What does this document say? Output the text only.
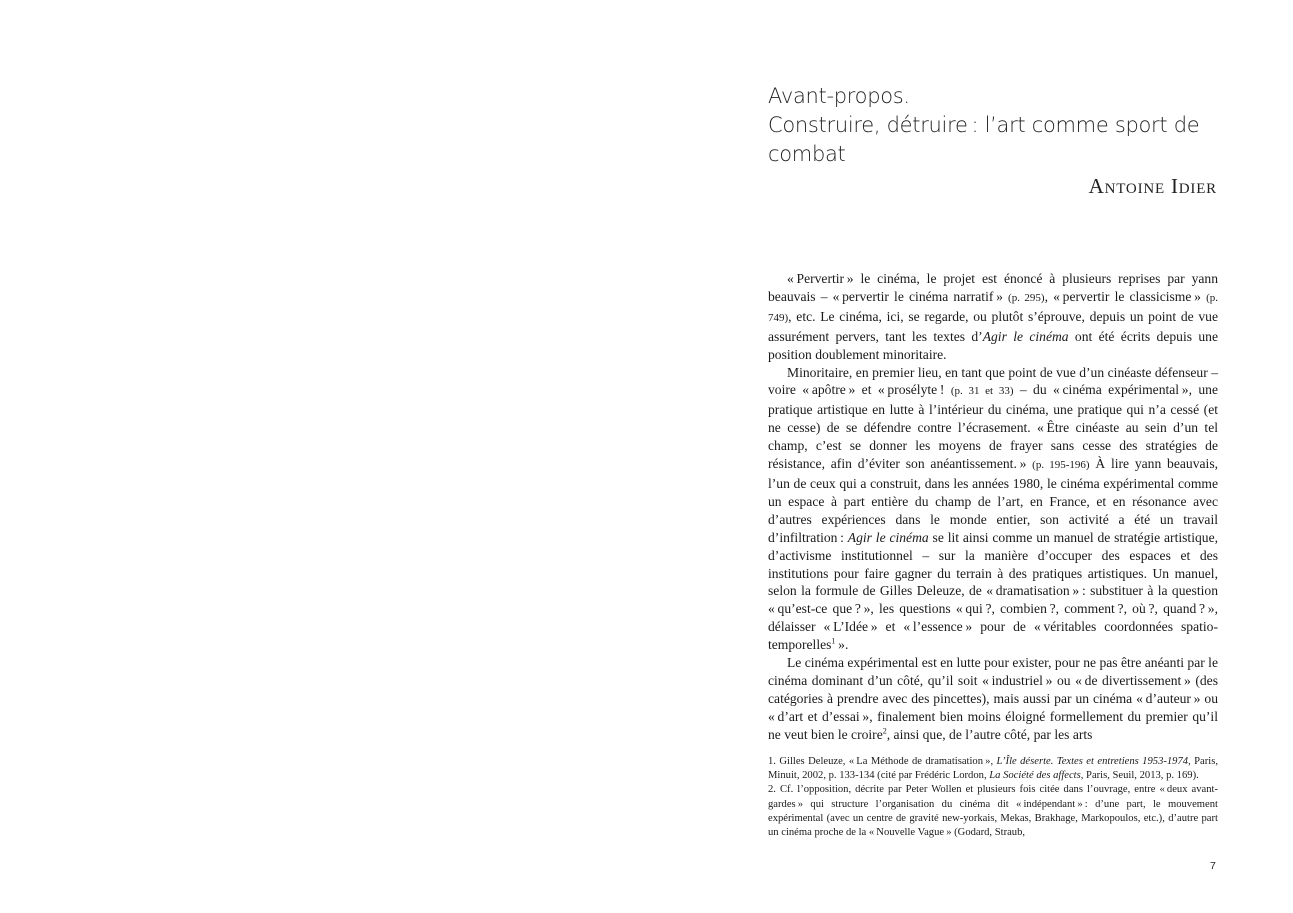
Avant-propos.
Construire, détruire : l’art comme sport de
combat
Antoine Idier

« Pervertir » le cinéma, le projet est énoncé à plusieurs reprises par yann beauvais – « pervertir le cinéma narratif » (p. 295), « pervertir le classicisme » (p. 749), etc. Le cinéma, ici, se regarde, ou plutôt s’éprouve, depuis un point de vue assurément pervers, tant les textes d’Agir le cinéma ont été écrits depuis une position doublement minoritaire.

Minoritaire, en premier lieu, en tant que point de vue d’un cinéaste défenseur – voire « apôtre » et « prosélyte ! (p. 31 et 33) – du « cinéma expérimental », une pratique artistique en lutte à l’intérieur du cinéma, une pratique qui n’a cessé (et ne cesse) de se défendre contre l’écrasement. « Être cinéaste au sein d’un tel champ, c’est se donner les moyens de frayer sans cesse des stratégies de résistance, afin d’éviter son anéantissement. » (p. 195-196) À lire yann beauvais, l’un de ceux qui a construit, dans les années 1980, le cinéma expérimental comme un espace à part entière du champ de l’art, en France, et en résonance avec d’autres expériences dans le monde entier, son activité a été un travail d’infiltration : Agir le cinéma se lit ainsi comme un manuel de stratégie artistique, d’activisme institutionnel – sur la manière d’occuper des espaces et des institutions pour faire gagner du terrain à des pratiques artistiques. Un manuel, selon la formule de Gilles Deleuze, de « dramatisation » : substituer à la question « qu’est-ce que ? », les questions « qui ?, combien ?, comment ?, où ?, quand ? », délaisser « L’Idée » et « l’essence » pour de « véritables coordonnées spatio-temporelles$^1$ ».

Le cinéma expérimental est en lutte pour exister, pour ne pas être anéanti par le cinéma dominant d’un côté, qu’il soit « industriel » ou « de divertissement » (des catégories à prendre avec des pincettes), mais aussi par un cinéma « d’auteur » ou « d’art et d’essai », finalement bien moins éloigné formellement du premier qu’il ne veut bien le croire$^2$, ainsi que, de l’autre côté, par les arts

1. Gilles Deleuze, « La Méthode de dramatisation », L’Île déserte. Textes et entretiens 1953-1974, Paris, Minuit, 2002, p. 133-134 (cité par Frédéric Lordon, La Société des affects, Paris, Seuil, 2013, p. 169).

2. Cf. l’opposition, décrite par Peter Wollen et plusieurs fois citée dans l’ouvrage, entre « deux avant-gardes » qui structure l’organisation du cinéma dit « indépendant » : d’une part, le mouvement expérimental (avec un centre de gravité new-yorkais, Mekas, Brakhage, Markopoulos, etc.), d’autre part un cinéma proche de la « Nouvelle Vague » (Godard, Straub,

7
